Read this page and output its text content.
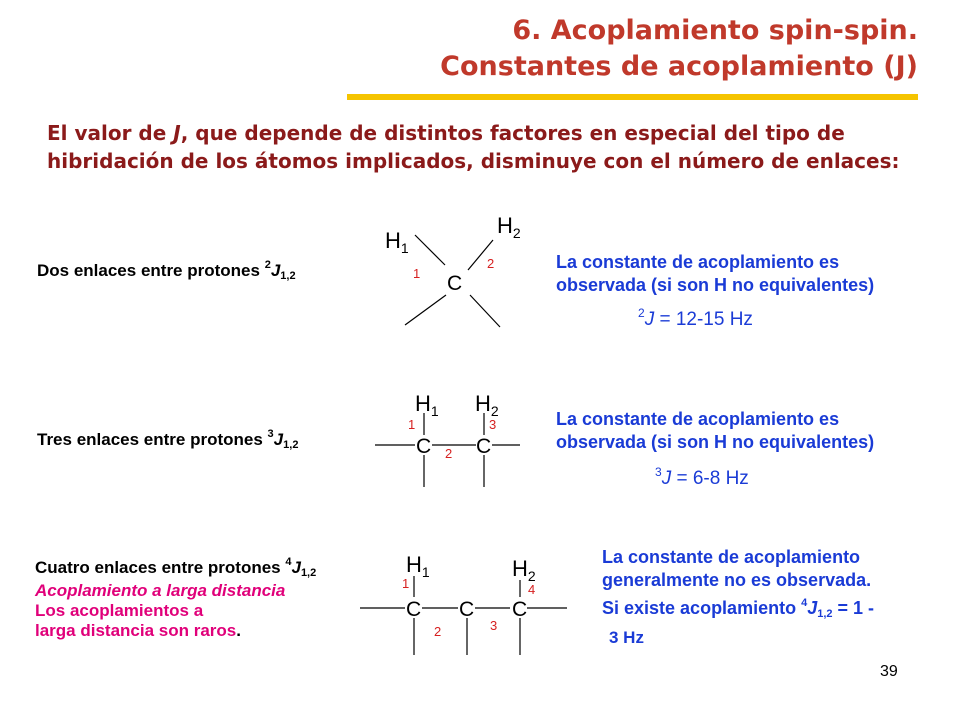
6. Acoplamiento spin-spin.
Constantes de acoplamiento (J)
El valor de J, que depende de distintos factores en especial del tipo de hibridación de los átomos implicados, disminuye con el número de enlaces:
Dos enlaces entre protones $^2J_{1,2}$	C
$H_1$
$H_2$
1
2	La constante de acoplamiento es
observada (si son H no equivalentes)
$^2$J = 12-15 Hz
Tres enlaces entre protones $^3J_{1,2}$	C C
$H_1$ $H_2$
1
2
3	La constante de acoplamiento es
observada (si son H no equivalentes)
$^3$J = 6-8 Hz
Cuatro enlaces entre protones $^4J_{1,2}$
Acoplamiento a larga distancia
Los acoplamientos a
larga distancia son raros.
C C C
$H_1$	$H_2$
1
2	3
4
La constante de acoplamiento
generalmente no es observada.
Si existe acoplamiento $^4J_{1,2} = 1$ -
3 Hz
39
